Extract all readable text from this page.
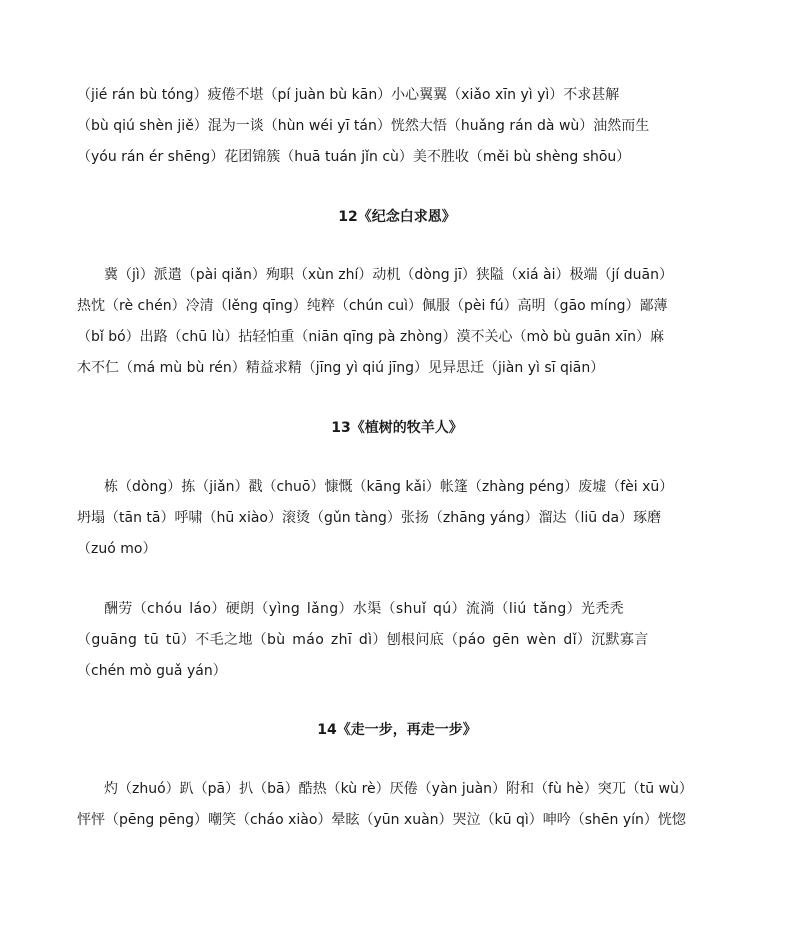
（jié rán bù tóng）疲倦不堪（pí juàn bù kān）小心翼翼（xiǎo xīn yì yì）不求甚解
（bù qiú shèn jiě）混为一谈（hùn wéi yī tán）恍然大悟（huǎng rán dà wù）油然而生
（yóu rán ér shēng）花团锦簇（huā tuán jǐn cù）美不胜收（měi bù shèng shōu）
12《纪念白求恩》
冀（jì）派遣（pài qiǎn）殉职（xùn zhí）动机（dòng jī）狭隘（xiá ài）极端（jí duān）
热忱（rè chén）冷清（lěng qīng）纯粹（chún cuì）佩服（pèi fú）高明（gāo míng）鄙薄
（bǐ bó）出路（chū lù）拈轻怕重（niān qīng pà zhòng）漠不关心（mò bù guān xīn）麻
木不仁（má mù bù rén）精益求精（jīng yì qiú jīng）见异思迁（jiàn yì sī qiān）
13《植树的牧羊人》
栋（dòng）拣（jiǎn）戳（chuō）慷慨（kāng kǎi）帐篷（zhàng péng）废墟（fèi xū）
坍塌（tān tā）呼啸（hū xiào）滚烫（gǔn tàng）张扬（zhāng yáng）溜达（liū da）琢磨
（zuó mo）
酬劳（chóu láo）硬朗（yìng lǎng）水渠（shuǐ qú）流淌（liú tǎng）光秃秃
（guāng tū tū）不毛之地（bù máo zhī dì）刨根问底（páo gēn wèn dǐ）沉默寡言
（chén mò guǎ yán）
14《走一步，再走一步》
灼（zhuó）趴（pā）扒（bā）酷热（kù rè）厌倦（yàn juàn）附和（fù hè）突兀（tū wù）
怦怦（pēng pēng）嘲笑（cháo xiào）晕眩（yūn xuàn）哭泣（kū qì）呻吟（shēn yín）恍惚
